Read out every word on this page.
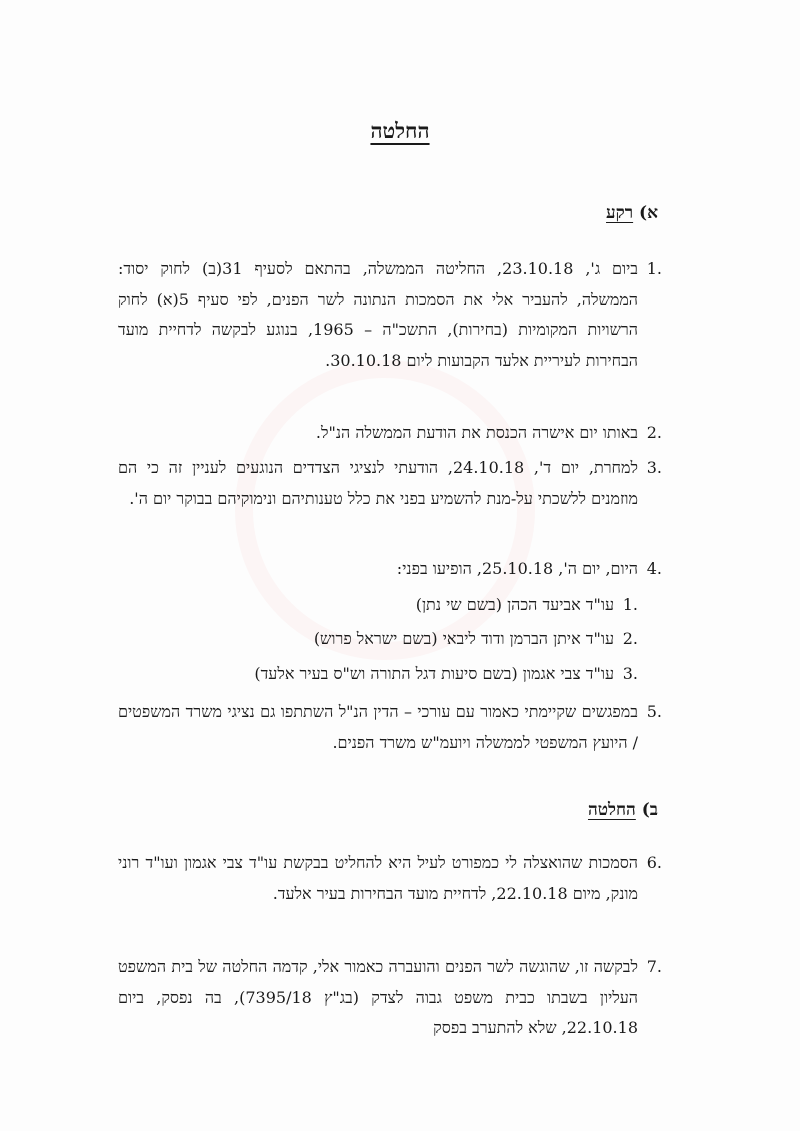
החלטה
א) רקע
1.
ביום ג', 23.10.18, החליטה הממשלה, בהתאם לסעיף 31(ב) לחוק יסוד: הממשלה, להעביר אלי את הסמכות הנתונה לשר הפנים, לפי סעיף 5(א) לחוק הרשויות המקומיות (בחירות), התשכ"ה – 1965, בנוגע לבקשה לדחיית מועד הבחירות לעיריית אלעד הקבועות ליום 30.10.18.
2.
באותו יום אישרה הכנסת את הודעת הממשלה הנ"ל.
3.
למחרת, יום ד', 24.10.18, הודעתי לנציגי הצדדים הנוגעים לעניין זה כי הם מוזמנים ללשכתי על-מנת להשמיע בפני את כלל טענותיהם ונימוקיהם בבוקר יום ה'.
4.
היום, יום ה', 25.10.18, הופיעו בפני:
1.
עו"ד אביעד הכהן (בשם שי נתן)
2.
עו"ד איתן הברמן ודוד ליבאי (בשם ישראל פרוש)
3.
עו"ד צבי אגמון (בשם סיעות דגל התורה וש"ס בעיר אלעד)
5.
במפגשים שקיימתי כאמור עם עורכי – הדין הנ"ל השתתפו גם נציגי משרד המשפטים / היועץ המשפטי לממשלה ויועמ"ש משרד הפנים.
ב) החלטה
6.
הסמכות שהואצלה לי כמפורט לעיל היא להחליט בבקשת עו"ד צבי אגמון ועו"ד רוני מונק, מיום 22.10.18, לדחיית מועד הבחירות בעיר אלעד.
7.
לבקשה זו, שהוגשה לשר הפנים והועברה כאמור אלי, קדמה החלטה של בית המשפט העליון בשבתו כבית משפט גבוה לצדק (בג"ץ 7395/18), בה נפסק, ביום 22.10.18, שלא להתערב בפסק
